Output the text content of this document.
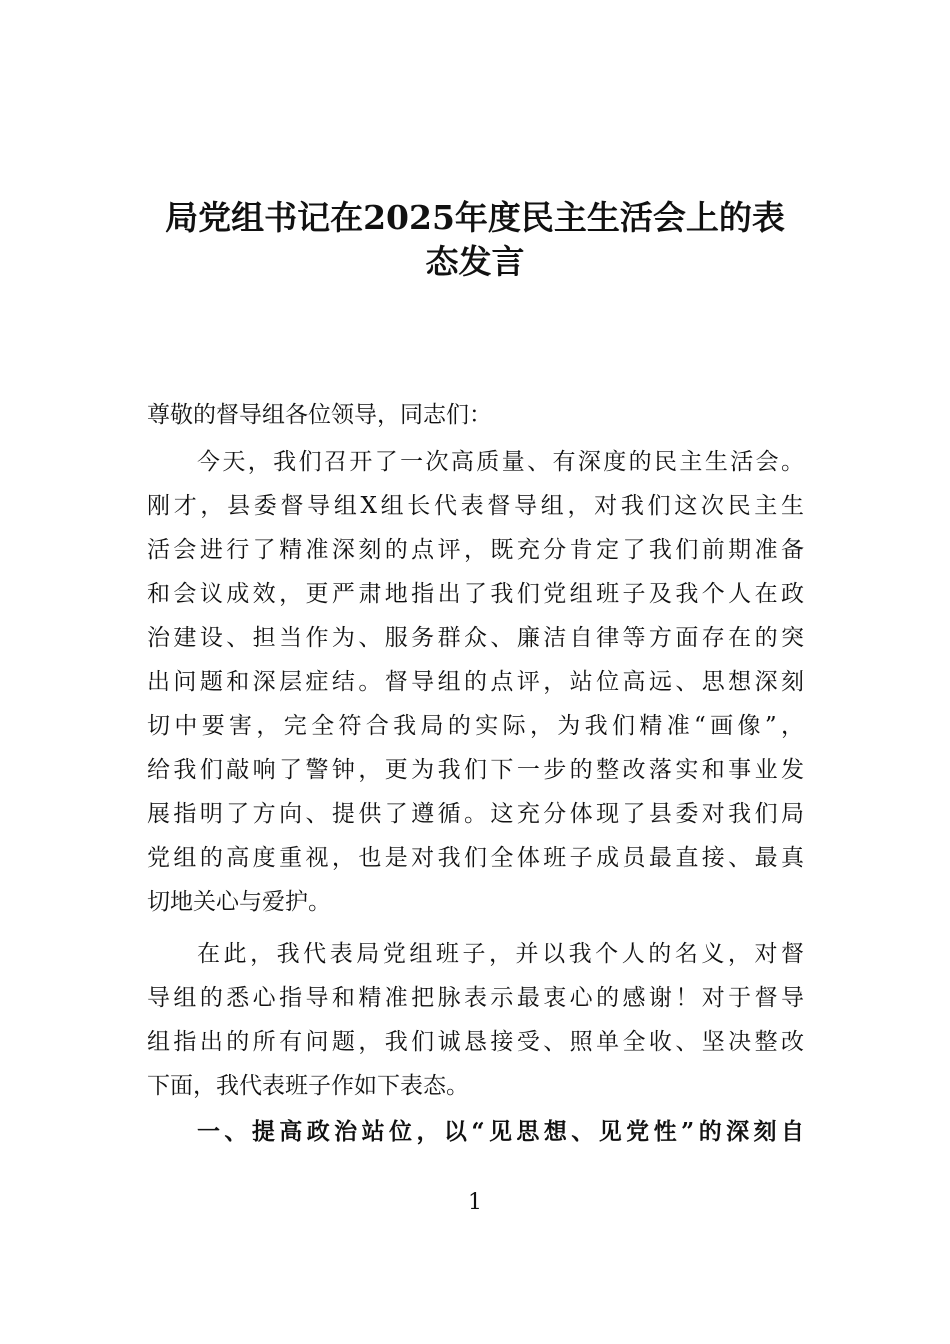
局党组书记在2025年度民主生活会上的表
态发言
尊敬的督导组各位领导，同志们：
今天，我们召开了一次高质量、有深度的民主生活会。
刚才，县委督导组X组长代表督导组，对我们这次民主生
活会进行了精准深刻的点评，既充分肯定了我们前期准备
和会议成效，更严肃地指出了我们党组班子及我个人在政
治建设、担当作为、服务群众、廉洁自律等方面存在的突
出问题和深层症结。督导组的点评，站位高远、思想深刻
切中要害，完全符合我局的实际，为我们精准“画像”，
给我们敲响了警钟，更为我们下一步的整改落实和事业发
展指明了方向、提供了遵循。这充分体现了县委对我们局
党组的高度重视，也是对我们全体班子成员最直接、最真
切地关心与爱护。
在此，我代表局党组班子，并以我个人的名义，对督
导组的悉心指导和精准把脉表示最衷心的感谢！对于督导
组指出的所有问题，我们诚恳接受、照单全收、坚决整改
下面，我代表班子作如下表态。
一、提高政治站位，以“见思想、见党性”的深刻自
1
